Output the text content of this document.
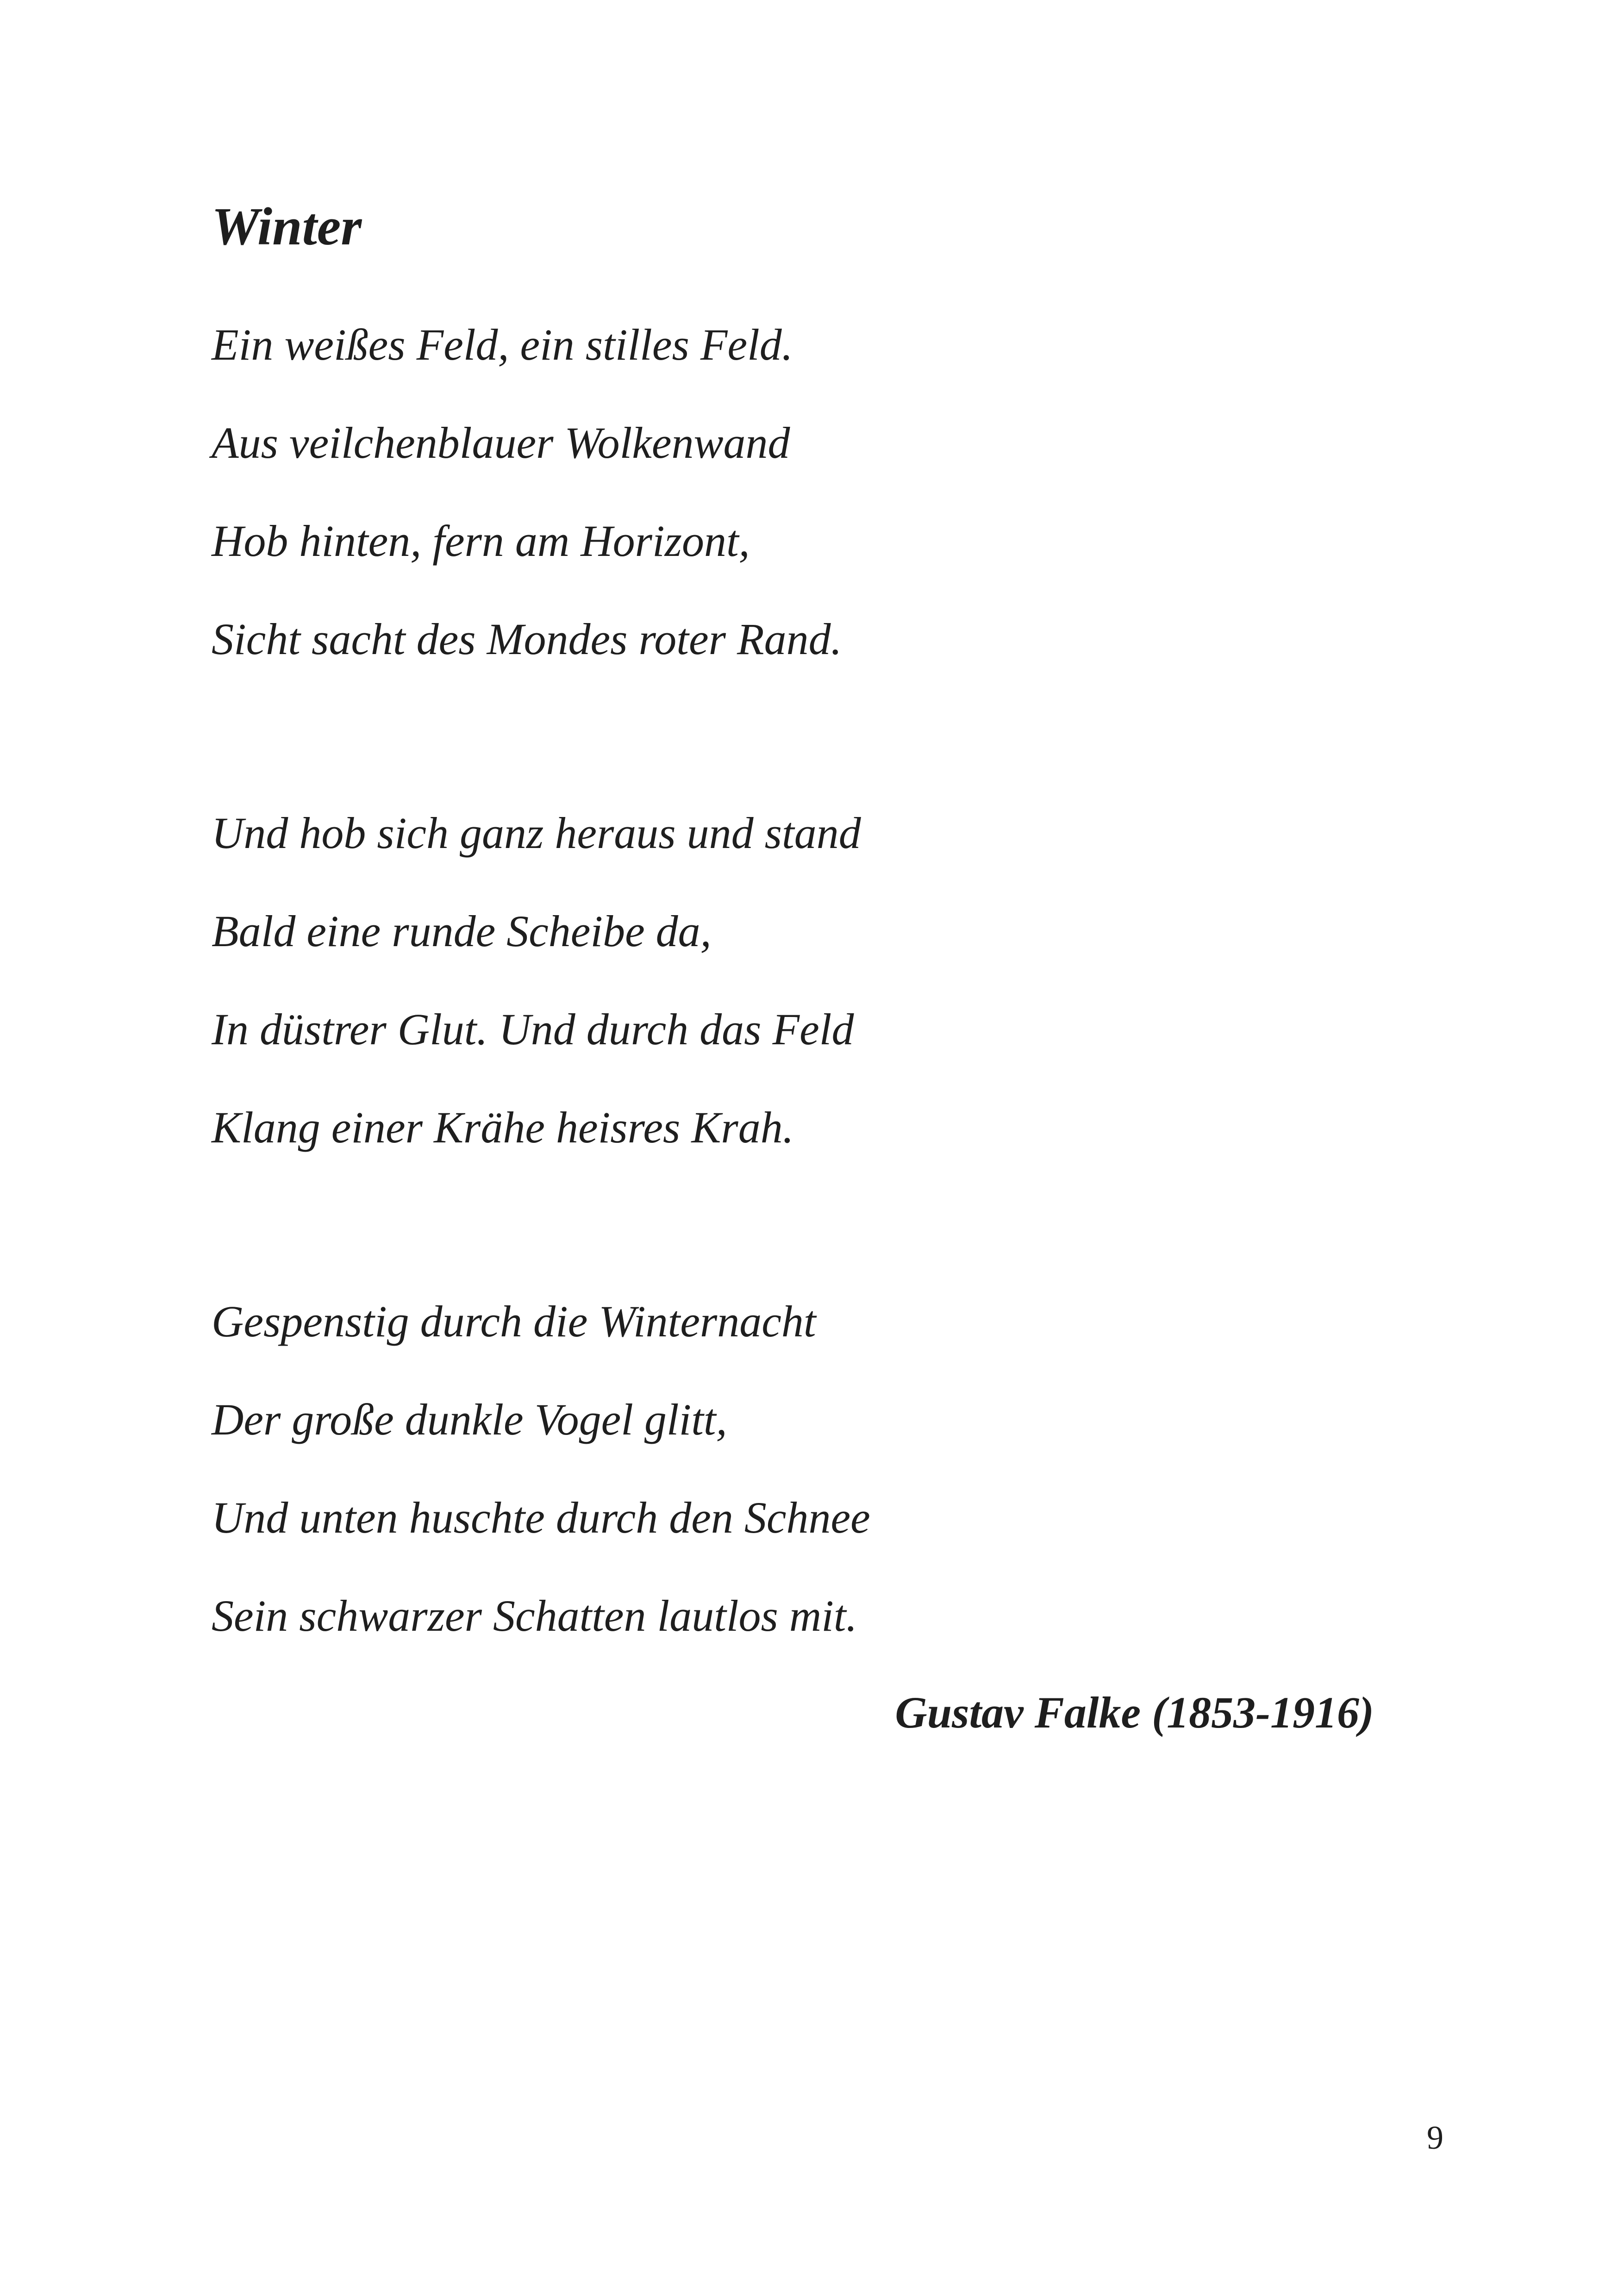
Winter
Ein weißes Feld, ein stilles Feld.
Aus veilchenblauer Wolkenwand
Hob hinten, fern am Horizont,
Sicht sacht des Mondes roter Rand.
Und hob sich ganz heraus und stand
Bald eine runde Scheibe da,
In düstrer Glut. Und durch das Feld
Klang einer Krähe heisres Krah.
Gespenstig durch die Winternacht
Der große dunkle Vogel glitt,
Und unten huschte durch den Schnee
Sein schwarzer Schatten lautlos mit.

Gustav Falke (1853-1916)

9
